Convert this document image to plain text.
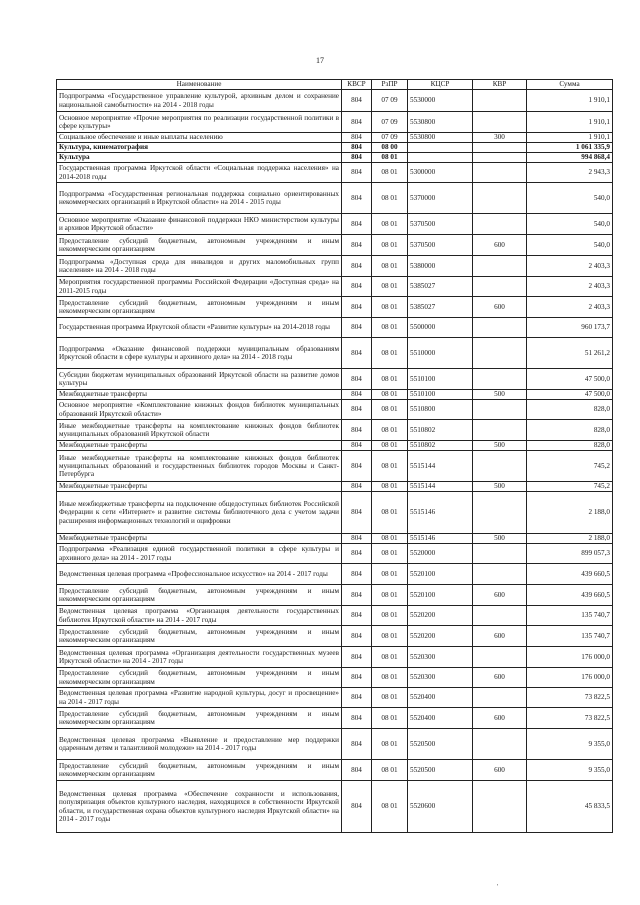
17
Наименование	КВСР	РзПР	КЦСР	КВР	Сумма
Подпрограмма «Государственное управление культурой, архивным делом и сохранение национальной самобытности» на 2014 - 2018 годы	804	07 09	5530000		1 910,1
Основное мероприятие «Прочие мероприятия по реализации государственной политики в сфере культуры»	804	07 09	5530800		1 910,1
Социальное обеспечение и иные выплаты населению	804	07 09	5530800	300	1 910,1
Культура, кинематография	804	08 00			1 061 335,9
Культура	804	08 01			994 868,4
Государственная программа Иркутской области «Социальная поддержка населения» на 2014-2018 годы	804	08 01	5300000		2 943,3
Подпрограмма «Государственная региональная поддержка социально ориентированных некоммерческих организаций в Иркутской области» на 2014 - 2015 годы	804	08 01	5370000		540,0
Основное мероприятие «Оказание финансовой поддержки НКО министерством культуры и архивов Иркутской области»	804	08 01	5370500		540,0
Предоставление субсидий бюджетным, автономным учреждениям и иным некоммерческим организациям	804	08 01	5370500	600	540,0
Подпрограмма «Доступная среда для инвалидов и других маломобильных групп населения» на 2014 - 2018 годы	804	08 01	5380000		2 403,3
Мероприятия государственной программы Российской Федерации «Доступная среда» на 2011-2015 годы	804	08 01	5385027		2 403,3
Предоставление субсидий бюджетным, автономным учреждениям и иным некоммерческим организациям	804	08 01	5385027	600	2 403,3
Государственная программа Иркутской области «Развитие культуры» на 2014-2018 годы	804	08 01	5500000		960 173,7
Подпрограмма «Оказание финансовой поддержки муниципальным образованиям Иркутской области в сфере культуры и архивного дела» на 2014 - 2018 годы	804	08 01	5510000		51 261,2
Субсидии бюджетам муниципальных образований Иркутской области на развитие домов культуры	804	08 01	5510100		47 500,0
Межбюджетные трансферты	804	08 01	5510100	500	47 500,0
Основное мероприятие «Комплектование книжных фондов библиотек муниципальных образований Иркутской области»	804	08 01	5510800		828,0
Иные межбюджетные трансферты на комплектование книжных фондов библиотек муниципальных образований Иркутской области	804	08 01	5510802		828,0
Межбюджетные трансферты	804	08 01	5510802	500	828,0
Иные межбюджетные трансферты на комплектование книжных фондов библиотек муниципальных образований и государственных библиотек городов Москвы и Санкт-Петербурга	804	08 01	5515144		745,2
Межбюджетные трансферты	804	08 01	5515144	500	745,2
Иные межбюджетные трансферты на подключение общедоступных библиотек Российской Федерации к сети «Интернет» и развитие системы библиотечного дела с учетом задачи расширения информационных технологий и оцифровки	804	08 01	5515146		2 188,0
Межбюджетные трансферты	804	08 01	5515146	500	2 188,0
Подпрограмма «Реализация единой государственной политики в сфере культуры и архивного дела» на 2014 - 2017 годы	804	08 01	5520000		899 057,3
Ведомственная целевая программа «Профессиональное искусство» на 2014 - 2017 годы	804	08 01	5520100		439 660,5
Предоставление субсидий бюджетным, автономным учреждениям и иным некоммерческим организациям	804	08 01	5520100	600	439 660,5
Ведомственная целевая программа «Организация деятельности государственных библиотек Иркутской области» на 2014 - 2017 годы	804	08 01	5520200		135 740,7
Предоставление субсидий бюджетным, автономным учреждениям и иным некоммерческим организациям	804	08 01	5520200	600	135 740,7
Ведомственная целевая программа «Организация деятельности государственных музеев Иркутской области» на 2014 - 2017 годы	804	08 01	5520300		176 000,0
Предоставление субсидий бюджетным, автономным учреждениям и иным некоммерческим организациям	804	08 01	5520300	600	176 000,0
Ведомственная целевая программа «Развитие народной культуры, досуг и просвещение» на 2014 - 2017 годы	804	08 01	5520400		73 822,5
Предоставление субсидий бюджетным, автономным учреждениям и иным некоммерческим организациям	804	08 01	5520400	600	73 822,5
Ведомственная целевая программа «Выявление и предоставление мер поддержки одаренным детям и талантливой молодежи» на 2014 - 2017 годы	804	08 01	5520500		9 355,0
Предоставление субсидий бюджетным, автономным учреждениям и иным некоммерческим организациям	804	08 01	5520500	600	9 355,0
Ведомственная целевая программа «Обеспечение сохранности и использования, популяризация объектов культурного наследия, находящихся в собственности Иркутской области, и государственная охрана объектов культурного наследия Иркутской области» на 2014 - 2017 годы	804	08 01	5520600		45 833,5
'
